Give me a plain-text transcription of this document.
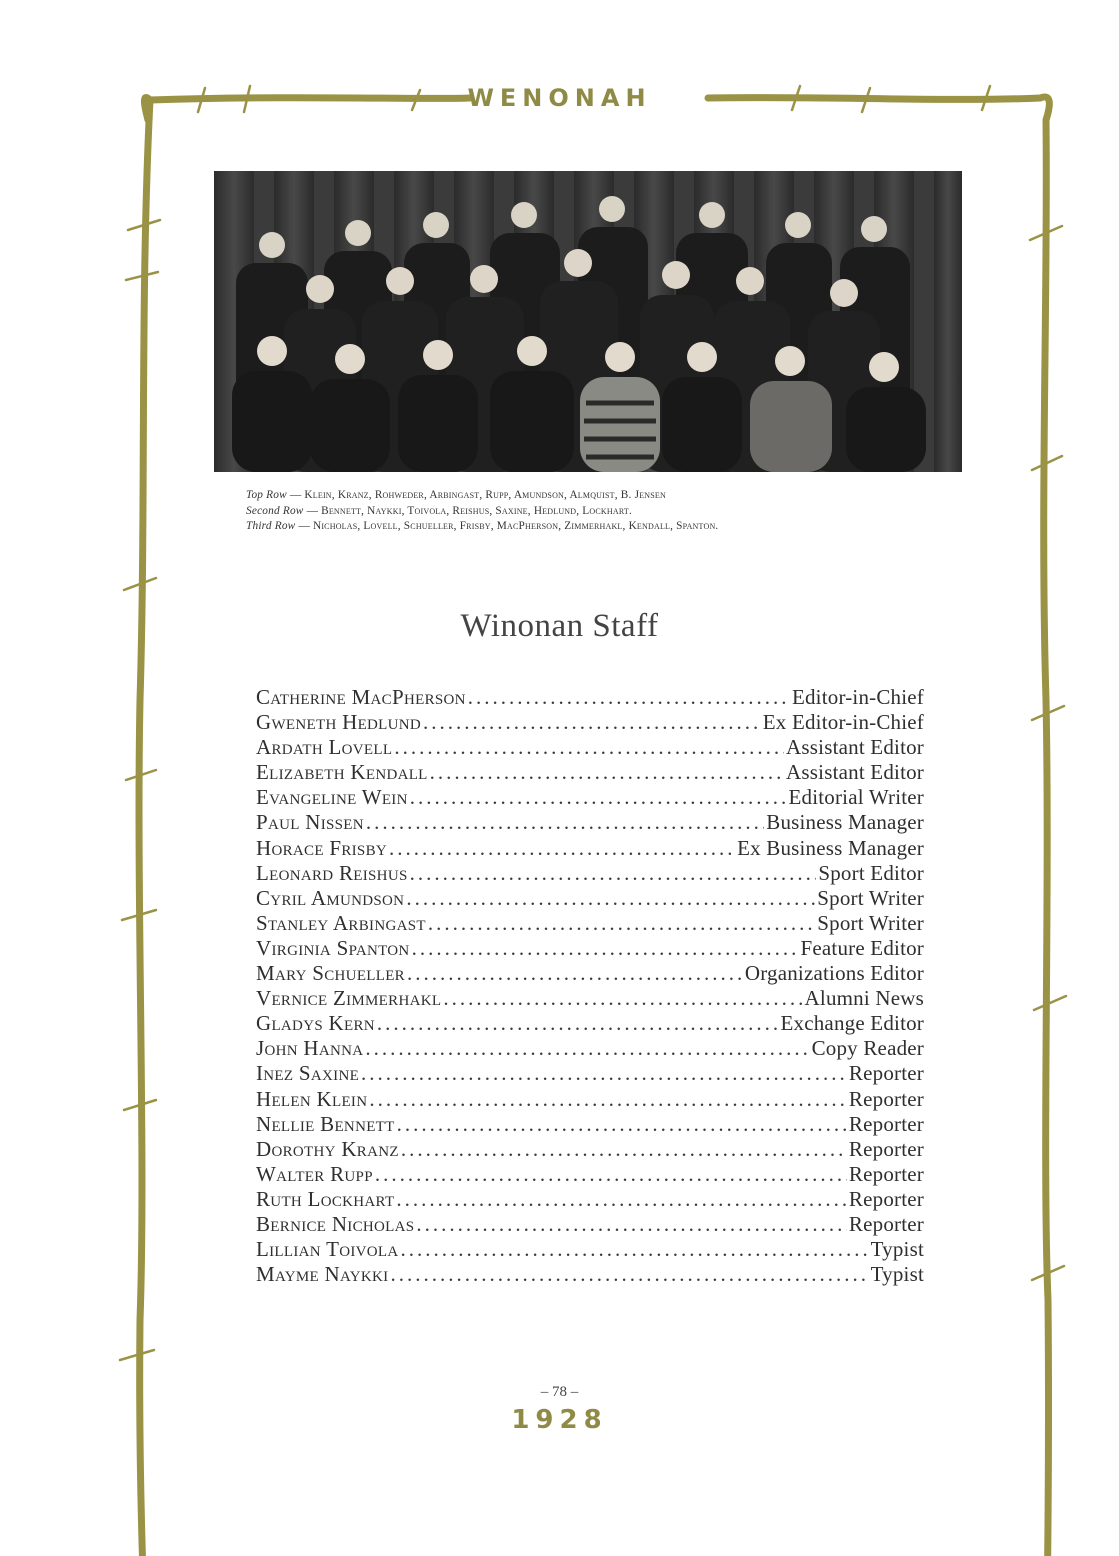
WENONAH
Top Row — Klein, Kranz, Rohweder, Arbingast, Rupp, Amundson, Almquist, B. Jensen
Second Row — Bennett, Naykki, Toivola, Reishus, Saxine, Hedlund, Lockhart.
Third Row — Nicholas, Lovell, Schueller, Frisby, MacPherson, Zimmerhakl, Kendall, Spanton.
Winonan Staff
Catherine MacPherson .....	Editor-in-Chief
Gweneth Hedlund .....	Ex Editor-in-Chief
Ardath Lovell .....	Assistant Editor
Elizabeth Kendall .....	Assistant Editor
Evangeline Wein .....	Editorial Writer
Paul Nissen .....	Business Manager
Horace Frisby .....	Ex Business Manager
Leonard Reishus .....	Sport Editor
Cyril Amundson .....	Sport Writer
Stanley Arbingast .....	Sport Writer
Virginia Spanton .....	Feature Editor
Mary Schueller .....	Organizations Editor
Vernice Zimmerhakl .....	Alumni News
Gladys Kern .....	Exchange Editor
John Hanna .....	Copy Reader
Inez Saxine .....	Reporter
Helen Klein .....	Reporter
Nellie Bennett .....	Reporter
Dorothy Kranz .....	Reporter
Walter Rupp .....	Reporter
Ruth Lockhart .....	Reporter
Bernice Nicholas .....	Reporter
Lillian Toivola .....	Typist
Mayme Naykki .....	Typist
– 78 –
1928
